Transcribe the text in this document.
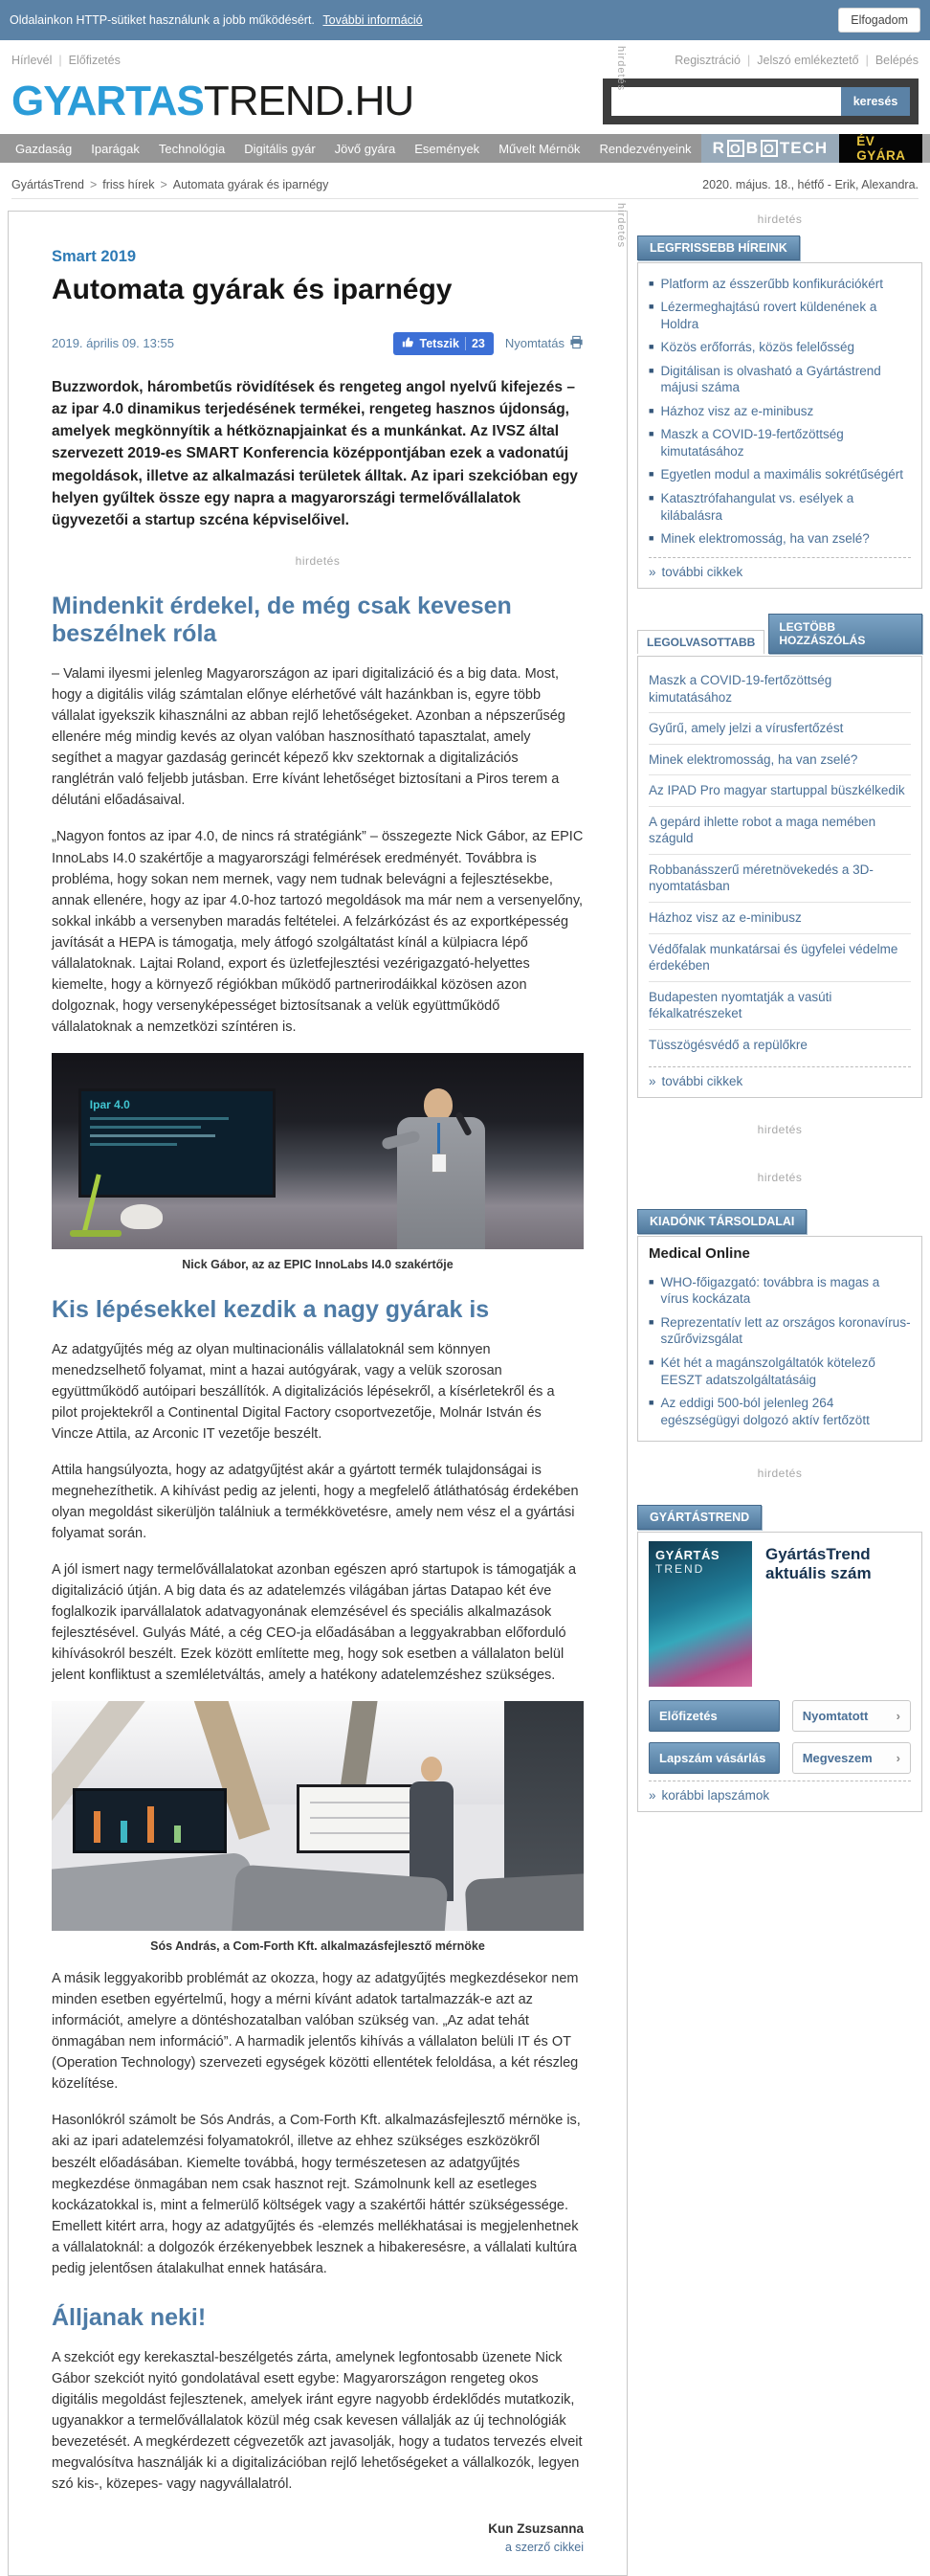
Oldalainkon HTTP-sütiket használunk a jobb működésért. További információ	Elfogadom
Hírlevél | Előfizetés	Regisztráció | Jelszó emlékeztető | Belépés
hirdetés
hirdetés
GYARTASTREND.HU	keresés
Gazdaság	Iparágak	Technológia	Digitális gyár	Jövő gyára	Események	Művelt Mérnök	Rendezvényeink	R O B O TECH	ÉV GYÁRA
GyártásTrend > friss hírek > Automata gyárak és iparnégy	2020. május. 18., hétfő - Erik, Alexandra.
Smart 2019
Automata gyárak és iparnégy
2019. április 09. 13:55	Tetszik	23 Nyomtatás

Buzzwordok, hárombetűs rövidítések és rengeteg angol nyelvű kifejezés – az ipar 4.0 dinamikus terjedésének termékei, rengeteg hasznos újdonság, amelyek megkönnyítik a hétköznapjainkat és a munkánkat. Az IVSZ által szervezett 2019-es SMART Konferencia középpontjában ezek a vadonatúj megoldások, illetve az alkalmazási területek álltak. Az ipari szekcióban egy helyen gyűltek össze egy napra a magyarországi termelővállalatok ügyvezetői a startup szcéna képviselőivel.

hirdetés
Mindenkit érdekel, de még csak kevesen beszélnek róla

– Valami ilyesmi jelenleg Magyarországon az ipari digitalizáció és a big data. Most, hogy a digitális világ számtalan előnye elérhetővé vált hazánkban is, egyre több vállalat igyekszik kihasználni az abban rejlő lehetőségeket. Azonban a népszerűség ellenére még mindig kevés az olyan valóban hasznosítható tapasztalat, amely segíthet a magyar gazdaság gerincét képező kkv szektornak a digitalizációs ranglétrán való feljebb jutásban. Erre kívánt lehetőséget biztosítani a Piros terem a délutáni előadásaival.

„Nagyon fontos az ipar 4.0, de nincs rá stratégiánk” – összegezte Nick Gábor, az EPIC InnoLabs I4.0 szakértője a magyarországi felmérések eredményét. Továbbra is probléma, hogy sokan nem mernek, vagy nem tudnak belevágni a fejlesztésekbe, annak ellenére, hogy az ipar 4.0-hoz tartozó megoldások ma már nem a versenyelőny, sokkal inkább a versenyben maradás feltételei. A felzárkózást és az exportképesség javítását a HEPA is támogatja, mely átfogó szolgáltatást kínál a külpiacra lépő vállalatoknak. Lajtai Roland, export és üzletfejlesztési vezérigazgató-helyettes kiemelte, hogy a környező régiókban működő partnerirodáikkal közösen azon dolgoznak, hogy versenyképességet biztosítsanak a velük együttműködő vállalatoknak a nemzetközi színtéren is.

Ipar 4.0
Nick Gábor, az az EPIC InnoLabs I4.0 szakértője
Kis lépésekkel kezdik a nagy gyárak is

Az adatgyűjtés még az olyan multinacionális vállalatoknál sem könnyen menedzselhető folyamat, mint a hazai autógyárak, vagy a velük szorosan együttműködő autóipari beszállítók. A digitalizációs lépésekről, a kísérletekről és a pilot projektekről a Continental Digital Factory csoportvezetője, Molnár István és Vincze Attila, az Arconic IT vezetője beszélt.

Attila hangsúlyozta, hogy az adatgyűjtést akár a gyártott termék tulajdonságai is megnehezíthetik. A kihívást pedig az jelenti, hogy a megfelelő átláthatóság érdekében olyan megoldást sikerüljön találniuk a termékkövetésre, amely nem vész el a gyártási folyamat során.

A jól ismert nagy termelővállalatokat azonban egészen apró startupok is támogatják a digitalizáció útján. A big data és az adatelemzés világában jártas Datapao két éve foglalkozik iparvállalatok adatvagyonának elemzésével és speciális alkalmazások fejlesztésével. Gulyás Máté, a cég CEO-ja előadásában a leggyakrabban előforduló kihívásokról beszélt. Ezek között említette meg, hogy sok esetben a vállalaton belül jelent konfliktust a szemléletváltás, amely a hatékony adatelemzéshez szükséges.

Sós András, a Com-Forth Kft. alkalmazásfejlesztő mérnöke

A másik leggyakoribb problémát az okozza, hogy az adatgyűjtés megkezdésekor nem minden esetben egyértelmű, hogy a mérni kívánt adatok tartalmazzák-e azt az információt, amelyre a döntéshozatalban valóban szükség van. „Az adat tehát önmagában nem információ”. A harmadik jelentős kihívás a vállalaton belüli IT és OT (Operation Technology) szervezeti egységek közötti ellentétek feloldása, a két részleg közelítése.

Hasonlókról számolt be Sós András, a Com-Forth Kft. alkalmazásfejlesztő mérnöke is, aki az ipari adatelemzési folyamatokról, illetve az ehhez szükséges eszközökről beszélt előadásában. Kiemelte továbbá, hogy természetesen az adatgyűjtés megkezdése önmagában nem csak hasznot rejt. Számolnunk kell az esetleges kockázatokkal is, mint a felmerülő költségek vagy a szakértői háttér szükségessége. Emellett kitért arra, hogy az adatgyűjtés és -elemzés mellékhatásai is megjelenhetnek a vállalatoknál: a dolgozók érzékenyebbek lesznek a hibakeresésre, a vállalati kultúra pedig jelentősen átalakulhat ennek hatására.

Álljanak neki!

A szekciót egy kerekasztal-beszélgetés zárta, amelynek legfontosabb üzenete Nick Gábor szekciót nyitó gondolatával esett egybe: Magyarországon rengeteg okos digitális megoldást fejlesztenek, amelyek iránt egyre nagyobb érdeklődés mutatkozik, ugyanakkor a termelővállalatok közül még csak kevesen vállalják az új technológiák bevezetését. A megkérdezett cégvezetők azt javasolják, hogy a tudatos tervezés elveit megvalósítva használják ki a digitalizációban rejlő lehetőségeket a vállalkozók, legyen szó kis-, közepes- vagy nagyvállalatról.

Kun Zsuzsanna
a szerző cikkei
hirdetés
LEGFRISSEBB HÍREINK
■ Platform az ésszerűbb konfikurációkért
■ Lézermeghajtású rovert küldenének a Holdra
■ Közös erőforrás, közös felelősség
■ Digitálisan is olvasható a Gyártástrend májusi száma
■ Házhoz visz az e-minibusz
■ Maszk a COVID-19-fertőzöttség kimutatásához
■ Egyetlen modul a maximális sokrétűségért
■ Katasztrófahangulat vs. esélyek a kilábalásra
■ Minek elektromosság, ha van zselé?
» további cikkek
LEGOLVASOTTABB
LEGTÖBB HOZZÁSZÓLÁS
Maszk a COVID-19-fertőzöttség kimutatásához
Gyűrű, amely jelzi a vírusfertőzést
Minek elektromosság, ha van zselé?
Az IPAD Pro magyar startuppal büszkélkedik
A gepárd ihlette robot a maga nemében száguld
Robbanásszerű méretnövekedés a 3D-nyomtatásban
Házhoz visz az e-minibusz
Védőfalak munkatársai és ügyfelei védelme érdekében
Budapesten nyomtatják a vasúti fékalkatrészeket
Tüsszögésvédő a repülőkre
» további cikkek
hirdetés
hirdetés
KIADÓNK TÁRSOLDALAI
Medical Online
■ WHO-főigazgató: továbbra is magas a vírus kockázata
■ Reprezentatív lett az országos koronavírus-szűrővizsgálat
■ Két hét a magánszolgáltatók kötelező EESZT adatszolgáltatásáig
■ Az eddigi 500-ból jelenleg 264 egészségügyi dolgozó aktív fertőzött
hirdetés
GYÁRTÁSTREND
GYÁRTÁS
TREND
GyártásTrend aktuális szám
Előfizetés	Nyomtatott ›
Lapszám vásárlás	Megveszem ›
» korábbi lapszámok
